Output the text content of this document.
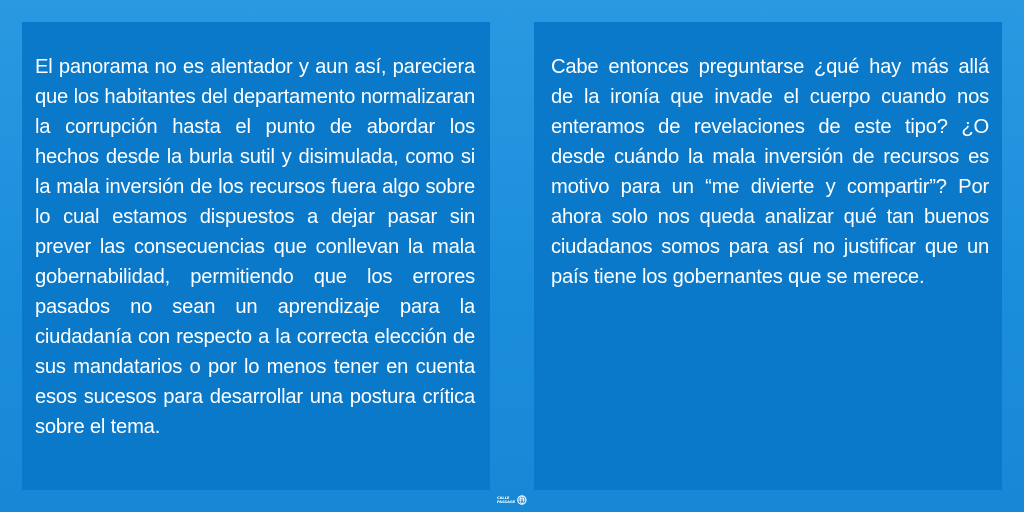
El panorama no es alentador y aun así, pareciera que los habitantes del departamento normalizaran la corrupción hasta el punto de abordar los hechos desde la burla sutil y disimulada, como si la mala inversión de los recursos fuera algo sobre lo cual estamos dispuestos a dejar pasar sin prever las consecuencias que conllevan la mala gobernabilidad, permitiendo que los errores pasados no sean un aprendizaje para la ciudadanía con respecto a la correcta elección de sus mandatarios o por lo menos tener en cuenta esos sucesos para desarrollar una postura crítica sobre el tema.

Cabe entonces preguntarse ¿qué hay más allá de la ironía que invade el cuerpo cuando nos enteramos de revelaciones de este tipo? ¿O desde cuándo la mala inversión de recursos es motivo para un “me divierte y compartir”? Por ahora solo nos queda analizar qué tan buenos ciudadanos somos para así no justificar que un país tiene los gobernantes que se merece.

CALLE
PASSAGE
